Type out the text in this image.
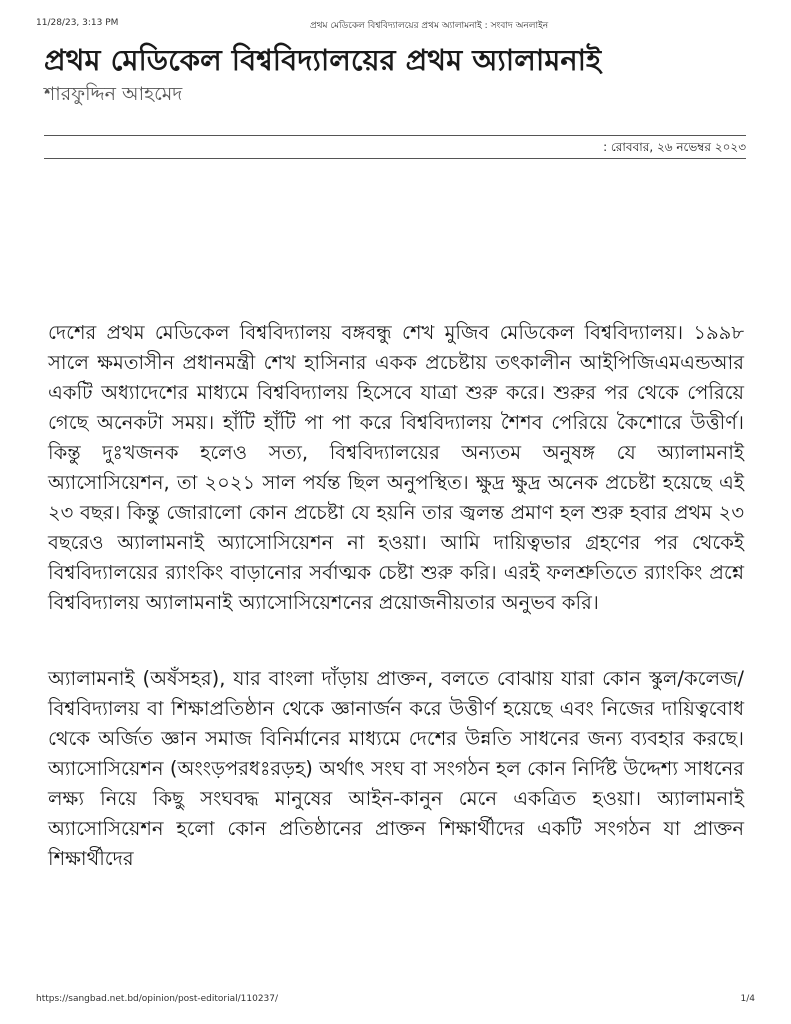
11/28/23, 3:13 PM	প্রথম মেডিকেল বিশ্ববিদ্যালয়ের প্রথম অ্যালামনাই : সংবাদ অনলাইন
প্রথম মেডিকেল বিশ্ববিদ্যালয়ের প্রথম অ্যালামনাই
শারফুদ্দিন আহমেদ
: রোববার, ২৬ নভেম্বর ২০২৩

দেশের প্রথম মেডিকেল বিশ্ববিদ্যালয় বঙ্গবন্ধু শেখ মুজিব মেডিকেল বিশ্ববিদ্যালয়। ১৯৯৮ সালে ক্ষমতাসীন প্রধানমন্ত্রী শেখ হাসিনার একক প্রচেষ্টায় তৎকালীন আইপিজিএমএন্ডআর একটি অধ্যাদেশের মাধ্যমে বিশ্ববিদ্যালয় হিসেবে যাত্রা শুরু করে। শুরুর পর থেকে পেরিয়ে গেছে অনেকটা সময়। হাঁটি হাঁটি পা পা করে বিশ্ববিদ্যালয় শৈশব পেরিয়ে কৈশোরে উত্তীর্ণ। কিন্তু দুঃখজনক হলেও সত্য, বিশ্ববিদ্যালয়ের অন্যতম অনুষঙ্গ যে অ্যালামনাই অ্যাসোসিয়েশন, তা ২০২১ সাল পর্যন্ত ছিল অনুপস্থিত। ক্ষুদ্র ক্ষুদ্র অনেক প্রচেষ্টা হয়েছে এই ২৩ বছর। কিন্তু জোরালো কোন প্রচেষ্টা যে হয়নি তার জ্বলন্ত প্রমাণ হল শুরু হবার প্রথম ২৩ বছরেও অ্যালামনাই অ্যাসোসিয়েশন না হওয়া। আমি দায়িত্বভার গ্রহণের পর থেকেই বিশ্ববিদ্যালয়ের র‍্যাংকিং বাড়ানোর সর্বাত্মক চেষ্টা শুরু করি। এরই ফলশ্রুতিতে র‍্যাংকিং প্রশ্নে বিশ্ববিদ্যালয় অ্যালামনাই অ্যাসোসিয়েশনের প্রয়োজনীয়তার অনুভব করি।

অ্যালামনাই (অষঁসহর), যার বাংলা দাঁড়ায় প্রাক্তন, বলতে বোঝায় যারা কোন স্কুল/কলেজ/বিশ্ববিদ্যালয় বা শিক্ষাপ্রতিষ্ঠান থেকে জ্ঞানার্জন করে উত্তীর্ণ হয়েছে এবং নিজের দায়িত্ববোধ থেকে অর্জিত জ্ঞান সমাজ বিনির্মানের মাধ্যমে দেশের উন্নতি সাধনের জন্য ব্যবহার করছে। অ্যাসোসিয়েশন (অংংড়পরধঃরড়হ) অর্থাৎ সংঘ বা সংগঠন হল কোন নির্দিষ্ট উদ্দেশ্য সাধনের লক্ষ্য নিয়ে কিছু সংঘবদ্ধ মানুষের আইন-কানুন মেনে একত্রিত হওয়া। অ্যালামনাই অ্যাসোসিয়েশন হলো কোন প্রতিষ্ঠানের প্রাক্তন শিক্ষার্থীদের একটি সংগঠন যা প্রাক্তন শিক্ষার্থীদের

https://sangbad.net.bd/opinion/post-editorial/110237/	1/4
